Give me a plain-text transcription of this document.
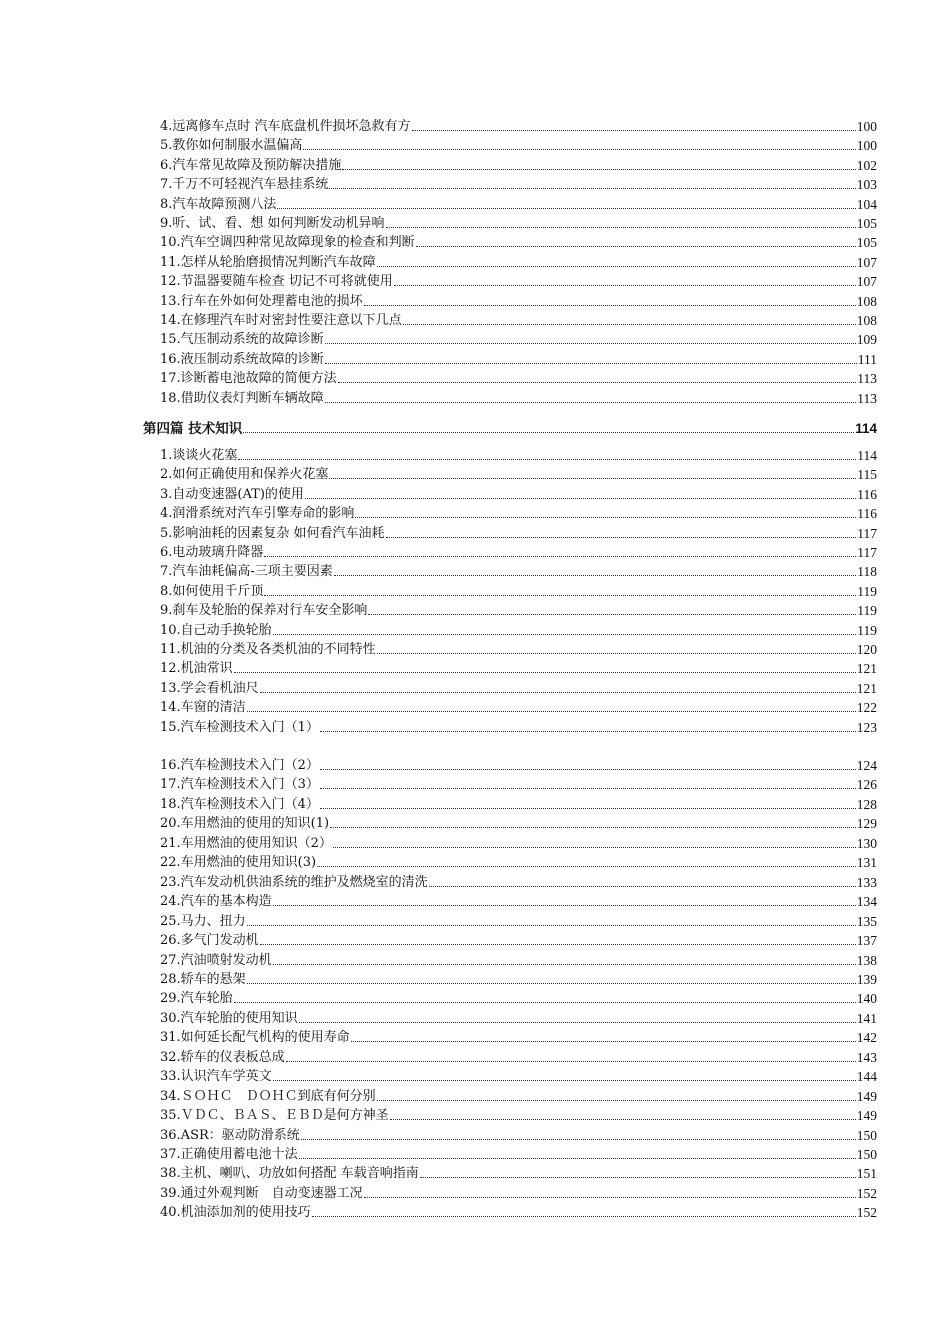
4.远离修车点时 汽车底盘机件损坏急救有方	100
5.教你如何制服水温偏高	100
6.汽车常见故障及预防解决措施	102
7.千万不可轻视汽车悬挂系统	103
8.汽车故障预测八法	104
9.听、试、看、想 如何判断发动机异响	105
10.汽车空调四种常见故障现象的检查和判断	105
11.怎样从轮胎磨损情况判断汽车故障	107
12.节温器要随车检查 切记不可将就使用	107
13.行车在外如何处理蓄电池的损坏	108
14.在修理汽车时对密封性要注意以下几点	108
15.气压制动系统的故障诊断	109
16.液压制动系统故障的诊断	111
17.诊断蓄电池故障的简便方法	113
18.借助仪表灯判断车辆故障	113
第四篇 技术知识	114
1.谈谈火花塞	114
2.如何正确使用和保养火花塞	115
3.自动变速器(AT)的使用	116
4.润滑系统对汽车引擎寿命的影响	116
5.影响油耗的因素复杂 如何看汽车油耗	117
6.电动玻璃升降器	117
7.汽车油耗偏高-三项主要因素	118
8.如何使用千斤顶	119
9.刹车及轮胎的保养对行车安全影响	119
10.自己动手换轮胎	119
11.机油的分类及各类机油的不同特性	120
12.机油常识	121
13.学会看机油尺	121
14.车窗的清洁	122
15.汽车检测技术入门（1）	123
16.汽车检测技术入门（2）	124
17.汽车检测技术入门（3）	126
18.汽车检测技术入门（4）	128
20.车用燃油的使用的知识(1)	129
21.车用燃油的使用知识（2）	130
22.车用燃油的使用知识(3)	131
23.汽车发动机供油系统的维护及燃烧室的清洗	133
24.汽车的基本构造	134
25.马力、扭力	135
26.多气门发动机	137
27.汽油喷射发动机	138
28.轿车的悬架	139
29.汽车轮胎	140
30.汽车轮胎的使用知识	141
31.如何延长配气机构的使用寿命	142
32.轿车的仪表板总成	143
33.认识汽车学英文	144
34.ＳＯＨＣ　ＤＯＨＣ到底有何分别	149
35.ＶＤＣ、ＢＡＳ、ＥＢＤ是何方神圣	149
36.ASR：驱动防滑系统	150
37.正确使用蓄电池十法	150
38.主机、喇叭、功放如何搭配 车载音响指南	151
39.通过外观判断　自动变速器工况	152
40.机油添加剂的使用技巧	152
